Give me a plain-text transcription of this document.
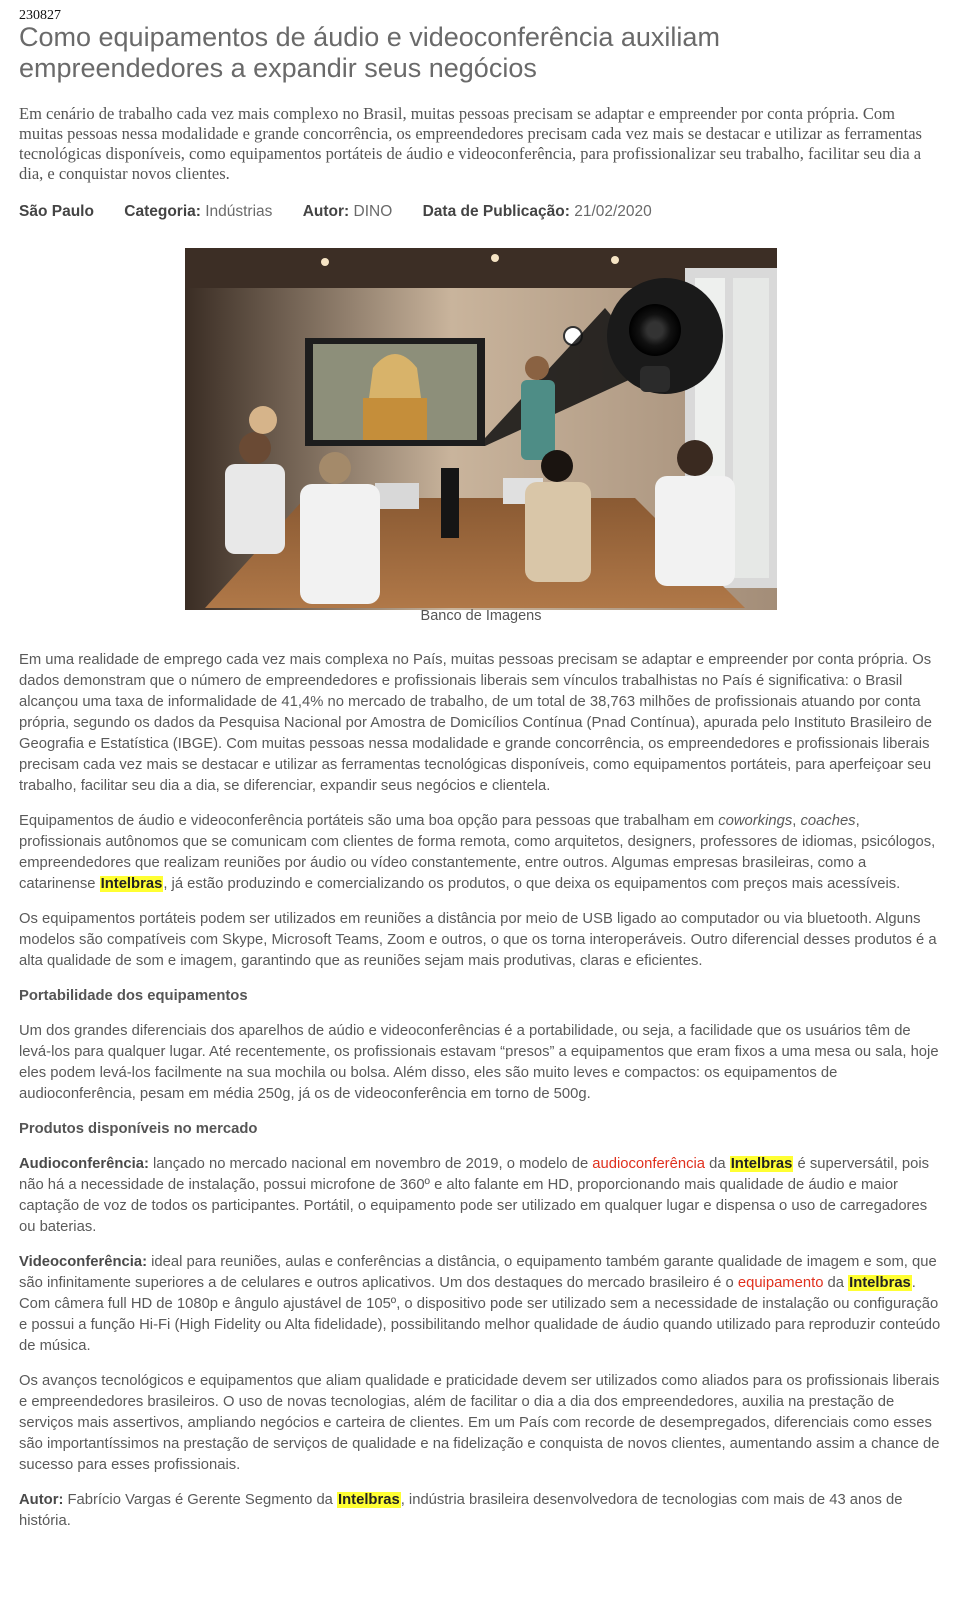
230827
Como equipamentos de áudio e videoconferência auxiliam empreendedores a expandir seus negócios

Em cenário de trabalho cada vez mais complexo no Brasil, muitas pessoas precisam se adaptar e empreender por conta própria. Com muitas pessoas nessa modalidade e grande concorrência, os empreendedores precisam cada vez mais se destacar e utilizar as ferramentas tecnológicas disponíveis, como equipamentos portáteis de áudio e videoconferência, para profissionalizar seu trabalho, facilitar seu dia a dia, e conquistar novos clientes.

São Paulo Categoria: Indústrias Autor: DINO Data de Publicação: 21/02/2020
Banco de Imagens

Em uma realidade de emprego cada vez mais complexa no País, muitas pessoas precisam se adaptar e empreender por conta própria. Os dados demonstram que o número de empreendedores e profissionais liberais sem vínculos trabalhistas no País é significativa: o Brasil alcançou uma taxa de informalidade de 41,4% no mercado de trabalho, de um total de 38,763 milhões de profissionais atuando por conta própria, segundo os dados da Pesquisa Nacional por Amostra de Domicílios Contínua (Pnad Contínua), apurada pelo Instituto Brasileiro de Geografia e Estatística (IBGE). Com muitas pessoas nessa modalidade e grande concorrência, os empreendedores e profissionais liberais precisam cada vez mais se destacar e utilizar as ferramentas tecnológicas disponíveis, como equipamentos portáteis, para aperfeiçoar seu trabalho, facilitar seu dia a dia, se diferenciar, expandir seus negócios e clientela.

Equipamentos de áudio e videoconferência portáteis são uma boa opção para pessoas que trabalham em coworkings, coaches, profissionais autônomos que se comunicam com clientes de forma remota, como arquitetos, designers, professores de idiomas, psicólogos, empreendedores que realizam reuniões por áudio ou vídeo constantemente, entre outros. Algumas empresas brasileiras, como a catarinense Intelbras, já estão produzindo e comercializando os produtos, o que deixa os equipamentos com preços mais acessíveis.

Os equipamentos portáteis podem ser utilizados em reuniões a distância por meio de USB ligado ao computador ou via bluetooth. Alguns modelos são compatíveis com Skype, Microsoft Teams, Zoom e outros, o que os torna interoperáveis. Outro diferencial desses produtos é a alta qualidade de som e imagem, garantindo que as reuniões sejam mais produtivas, claras e eficientes.

Portabilidade dos equipamentos

Um dos grandes diferenciais dos aparelhos de aúdio e videoconferências é a portabilidade, ou seja, a facilidade que os usuários têm de levá-los para qualquer lugar. Até recentemente, os profissionais estavam “presos” a equipamentos que eram fixos a uma mesa ou sala, hoje eles podem levá-los facilmente na sua mochila ou bolsa. Além disso, eles são muito leves e compactos: os equipamentos de audioconferência, pesam em média 250g, já os de videoconferência em torno de 500g.

Produtos disponíveis no mercado

Audioconferência: lançado no mercado nacional em novembro de 2019, o modelo de audioconferência da Intelbras é superversátil, pois não há a necessidade de instalação, possui microfone de 360º e alto falante em HD, proporcionando mais qualidade de áudio e maior captação de voz de todos os participantes. Portátil, o equipamento pode ser utilizado em qualquer lugar e dispensa o uso de carregadores ou baterias.

Videoconferência: ideal para reuniões, aulas e conferências a distância, o equipamento também garante qualidade de imagem e som, que são infinitamente superiores a de celulares e outros aplicativos. Um dos destaques do mercado brasileiro é o equipamento da Intelbras. Com câmera full HD de 1080p e ângulo ajustável de 105º, o dispositivo pode ser utilizado sem a necessidade de instalação ou configuração e possui a função Hi-Fi (High Fidelity ou Alta fidelidade), possibilitando melhor qualidade de áudio quando utilizado para reproduzir conteúdo de música.

Os avanços tecnológicos e equipamentos que aliam qualidade e praticidade devem ser utilizados como aliados para os profissionais liberais e empreendedores brasileiros. O uso de novas tecnologias, além de facilitar o dia a dia dos empreendedores, auxilia na prestação de serviços mais assertivos, ampliando negócios e carteira de clientes. Em um País com recorde de desempregados, diferenciais como esses são importantíssimos na prestação de serviços de qualidade e na fidelização e conquista de novos clientes, aumentando assim a chance de sucesso para esses profissionais.

Autor: Fabrício Vargas é Gerente Segmento da Intelbras, indústria brasileira desenvolvedora de tecnologias com mais de 43 anos de história.
